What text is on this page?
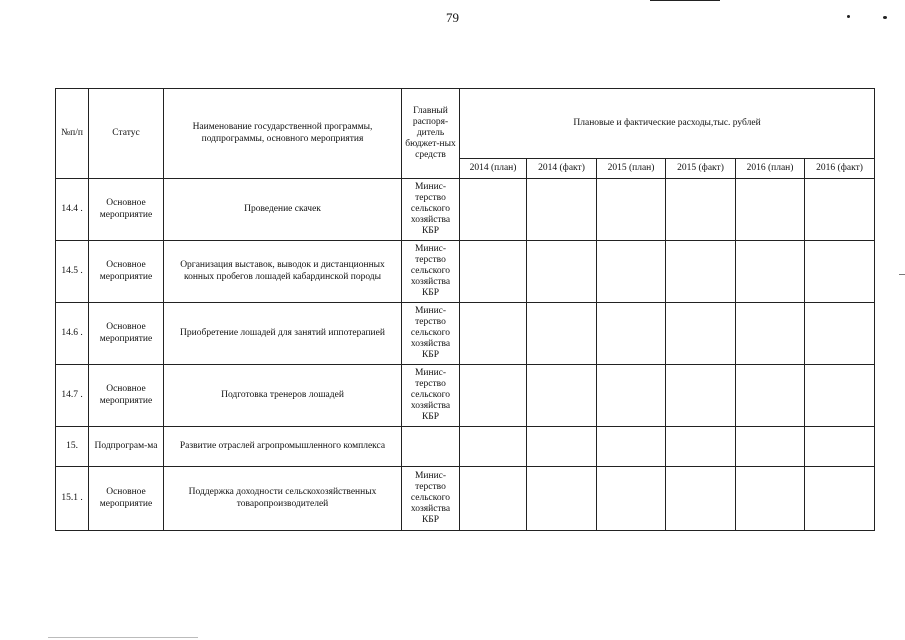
79
№п/п	Статус	Наименование государственной программы, подпрограммы, основного мероприятия	Главный распоря-дитель бюджет-ных средств	Плановые и фактические расходы,тыс. рублей					
				2014 (план)	2014 (факт)	2015 (план)	2015 (факт)	2016 (план)	2016 (факт)
14.4 .	Основное мероприятие	Проведение скачек	Минис-терство сельского хозяйства КБР						
14.5 .	Основное мероприятие	Организация выставок, выводок и дистанционных конных пробегов лошадей кабардинской породы	Минис-терство сельского хозяйства КБР						
14.6 .	Основное мероприятие	Приобретение лошадей для занятий иппотерапией	Минис-терство сельского хозяйства КБР						
14.7 .	Основное мероприятие	Подготовка тренеров лошадей	Минис-терство сельского хозяйства КБР						
15.	Подпрограм-ма	Развитие отраслей агропромышленного комплекса							
15.1 .	Основное мероприятие	Поддержка доходности сельскохозяйственных товаропроизводителей	Минис-терство сельского хозяйства КБР						
